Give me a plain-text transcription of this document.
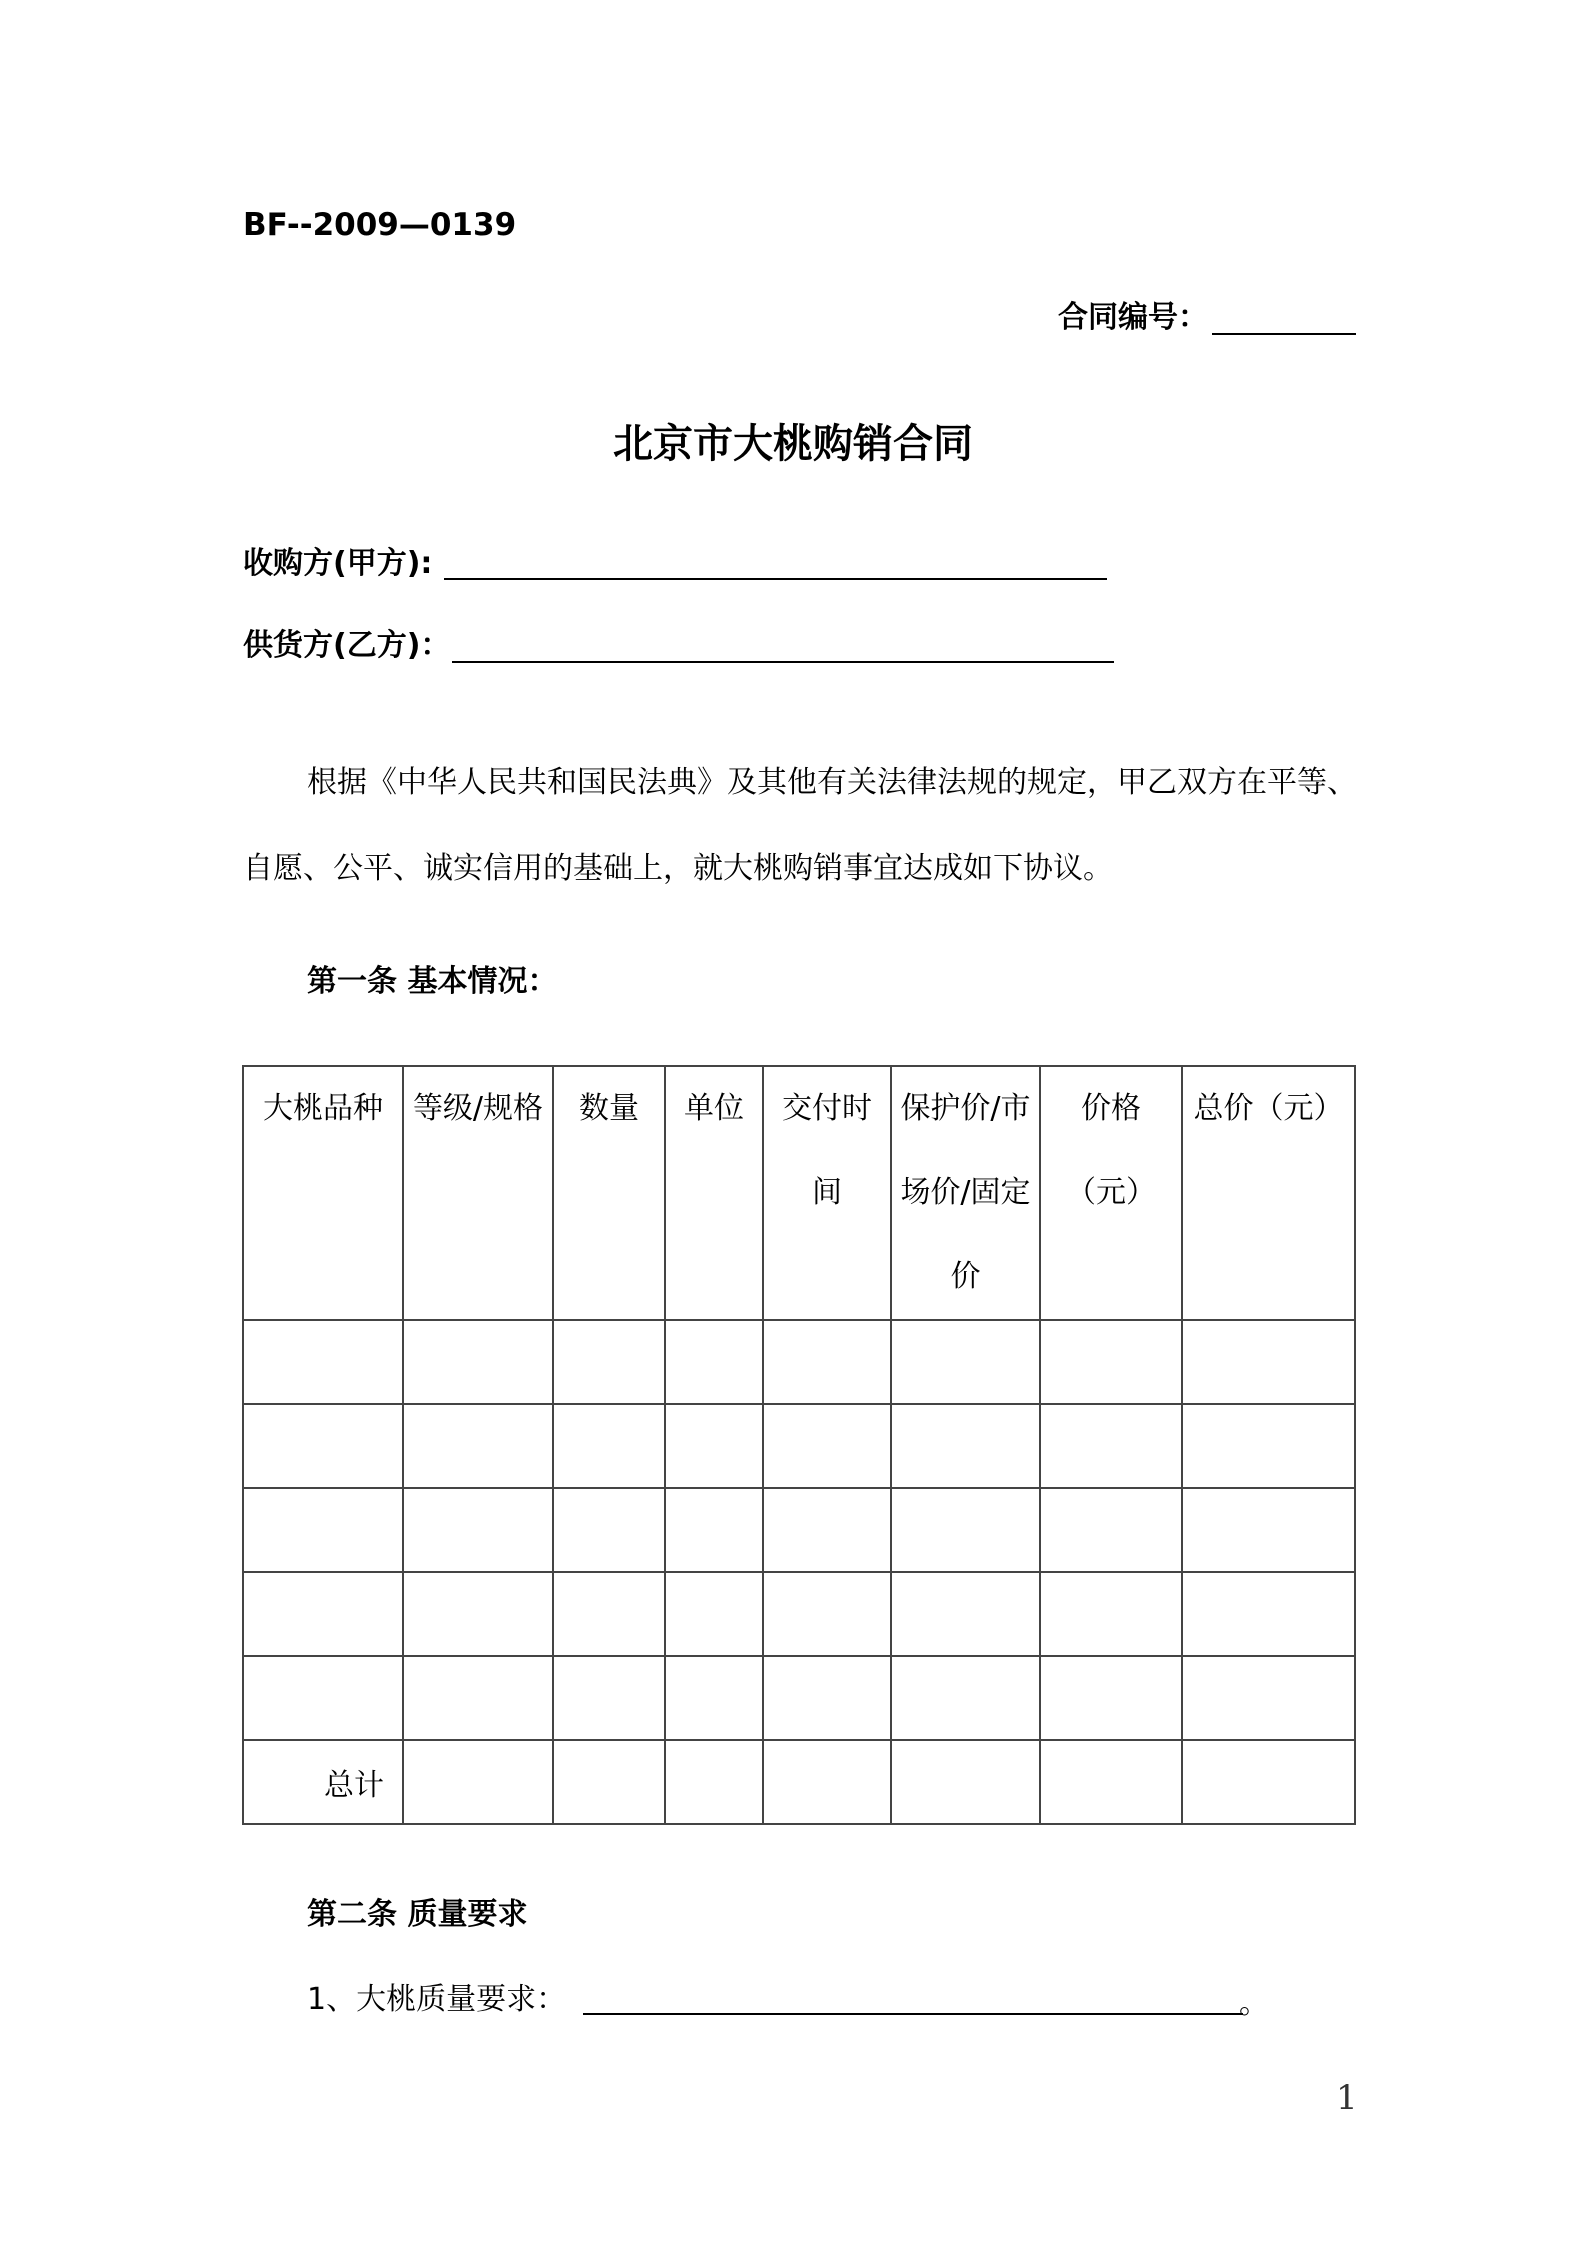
BF--2009—0139
合同编号：
北京市大桃购销合同
收购方(甲方):
供货方(乙方)：
根据《中华人民共和国民法典》及其他有关法律法规的规定，甲乙双方在平等、自愿、公平、诚实信用的基础上，就大桃购销事宜达成如下协议。
第一条 基本情况：
大桃品种	等级/规格	数量	单位	交付时间	保护价/市场价/固定价	价格（元）	总价（元）

总计							
第二条 质量要求
1、大桃质量要求：	。
1
